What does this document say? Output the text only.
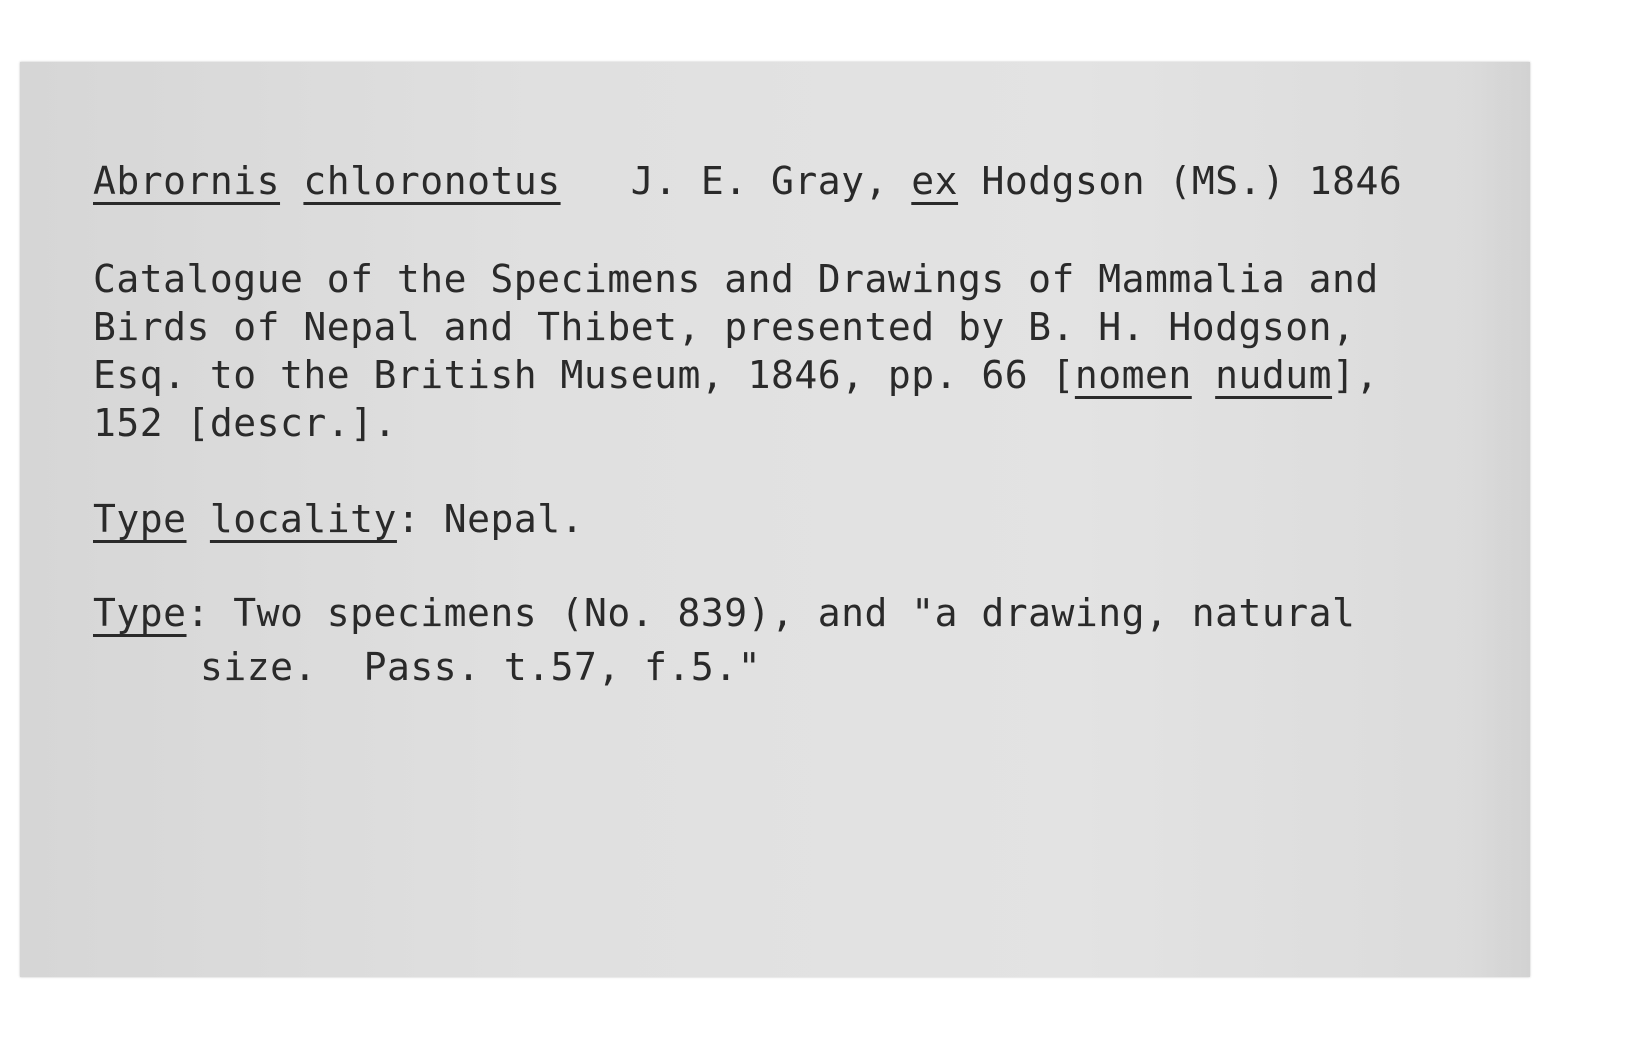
Abrornis chloronotus J. E. Gray, ex Hodgson (MS.) 1846
Catalogue of the Specimens and Drawings of Mammalia and
Birds of Nepal and Thibet, presented by B. H. Hodgson,
Esq. to the British Museum, 1846, pp. 66 [nomen nudum],
152 [descr.].
Type locality: Nepal.
Type: Two specimens (No. 839), and "a drawing, natural
size.  Pass. t.57, f.5."
